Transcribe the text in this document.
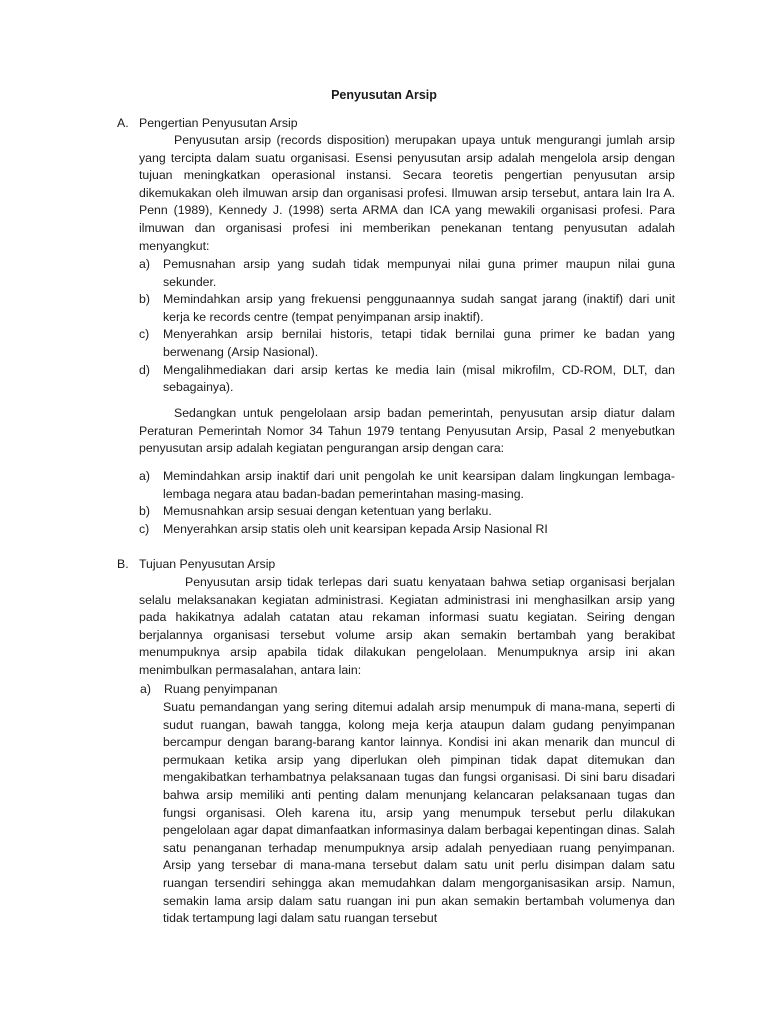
Penyusutan Arsip
A. Pengertian Penyusutan Arsip

Penyusutan arsip (records disposition) merupakan upaya untuk mengurangi jumlah arsip yang tercipta dalam suatu organisasi. Esensi penyusutan arsip adalah mengelola arsip dengan tujuan meningkatkan operasional instansi. Secara teoretis pengertian penyusutan arsip dikemukakan oleh ilmuwan arsip dan organisasi profesi. Ilmuwan arsip tersebut, antara lain Ira A. Penn (1989), Kennedy J. (1998) serta ARMA dan ICA yang mewakili organisasi profesi. Para ilmuwan dan organisasi profesi ini memberikan penekanan tentang penyusutan adalah menyangkut:

a) Pemusnahan arsip yang sudah tidak mempunyai nilai guna primer maupun nilai guna sekunder.
b) Memindahkan arsip yang frekuensi penggunaannya sudah sangat jarang (inaktif) dari unit kerja ke records centre (tempat penyimpanan arsip inaktif).
c) Menyerahkan arsip bernilai historis, tetapi tidak bernilai guna primer ke badan yang berwenang (Arsip Nasional).
d) Mengalihmediakan dari arsip kertas ke media lain (misal mikrofilm, CD-ROM, DLT, dan sebagainya).

Sedangkan untuk pengelolaan arsip badan pemerintah, penyusutan arsip diatur dalam Peraturan Pemerintah Nomor 34 Tahun 1979 tentang Penyusutan Arsip, Pasal 2 menyebutkan penyusutan arsip adalah kegiatan pengurangan arsip dengan cara:

a) Memindahkan arsip inaktif dari unit pengolah ke unit kearsipan dalam lingkungan lembaga-lembaga negara atau badan-badan pemerintahan masing-masing.
b) Memusnahkan arsip sesuai dengan ketentuan yang berlaku.
c) Menyerahkan arsip statis oleh unit kearsipan kepada Arsip Nasional RI
B. Tujuan Penyusutan Arsip

Penyusutan arsip tidak terlepas dari suatu kenyataan bahwa setiap organisasi berjalan selalu melaksanakan kegiatan administrasi. Kegiatan administrasi ini menghasilkan arsip yang pada hakikatnya adalah catatan atau rekaman informasi suatu kegiatan. Seiring dengan berjalannya organisasi tersebut volume arsip akan semakin bertambah yang berakibat menumpuknya arsip apabila tidak dilakukan pengelolaan. Menumpuknya arsip ini akan menimbulkan permasalahan, antara lain:

a) Ruang penyimpanan

Suatu pemandangan yang sering ditemui adalah arsip menumpuk di mana-mana, seperti di sudut ruangan, bawah tangga, kolong meja kerja ataupun dalam gudang penyimpanan bercampur dengan barang-barang kantor lainnya. Kondisi ini akan menarik dan muncul di permukaan ketika arsip yang diperlukan oleh pimpinan tidak dapat ditemukan dan mengakibatkan terhambatnya pelaksanaan tugas dan fungsi organisasi. Di sini baru disadari bahwa arsip memiliki anti penting dalam menunjang kelancaran pelaksanaan tugas dan fungsi organisasi. Oleh karena itu, arsip yang menumpuk tersebut perlu dilakukan pengelolaan agar dapat dimanfaatkan informasinya dalam berbagai kepentingan dinas. Salah satu penanganan terhadap menumpuknya arsip adalah penyediaan ruang penyimpanan. Arsip yang tersebar di mana-mana tersebut dalam satu unit perlu disimpan dalam satu ruangan tersendiri sehingga akan memudahkan dalam mengorganisasikan arsip. Namun, semakin lama arsip dalam satu ruangan ini pun akan semakin bertambah volumenya dan tidak tertampung lagi dalam satu ruangan tersebut
